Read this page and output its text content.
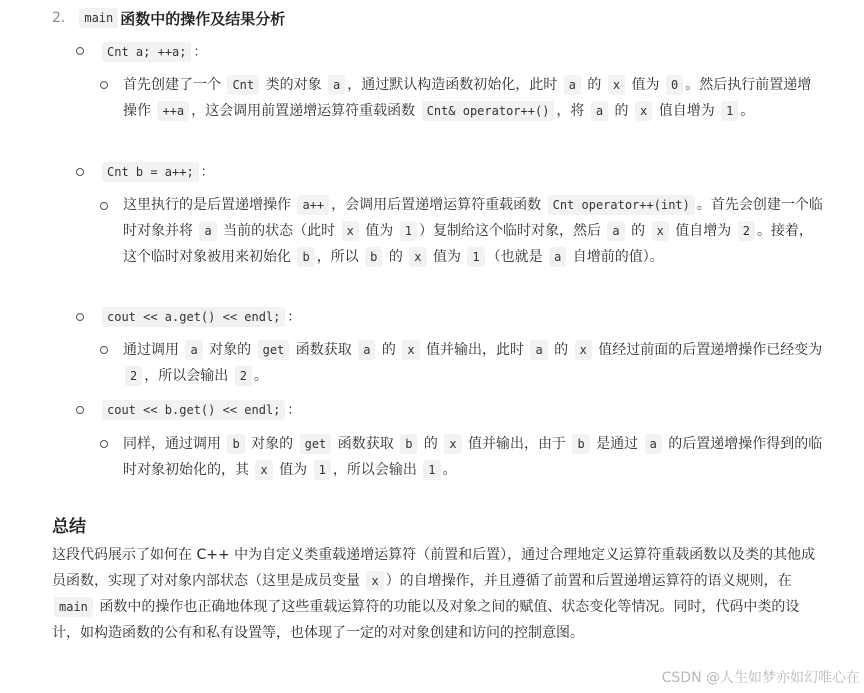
2.	main 函数中的操作及结果分析
Cnt a; ++a; ：
首先创建了一个 Cnt 类的对象 a ，通过默认构造函数初始化，此时 a 的 x 值为 0 。然后执行前置递增操作 ++a ，这会调用前置递增运算符重载函数 Cnt& operator++() ，将 a 的 x 值自增为 1 。
Cnt b = a++; ：
这里执行的是后置递增操作 a++ ，会调用后置递增运算符重载函数 Cnt operator++(int) 。首先会创建一个临时对象并将 a 当前的状态（此时 x 值为 1 ）复制给这个临时对象，然后 a 的 x 值自增为 2 。接着，这个临时对象被用来初始化 b ，所以 b 的 x 值为 1 （也就是 a 自增前的值）。
cout << a.get() << endl; ：
通过调用 a 对象的 get 函数获取 a 的 x 值并输出，此时 a 的 x 值经过前面的后置递增操作已经变为 2 ，所以会输出 2 。
cout << b.get() << endl; ：
同样，通过调用 b 对象的 get 函数获取 b 的 x 值并输出，由于 b 是通过 a 的后置递增操作得到的临时对象初始化的，其 x 值为 1 ，所以会输出 1 。
总结
这段代码展示了如何在 C++ 中为自定义类重载递增运算符（前置和后置），通过合理地定义运算符重载函数以及类的其他成员函数，实现了对对象内部状态（这里是成员变量 x ）的自增操作，并且遵循了前置和后置递增运算符的语义规则，在 main 函数中的操作也正确地体现了这些重载运算符的功能以及对象之间的赋值、状态变化等情况。同时，代码中类的设计，如构造函数的公有和私有设置等，也体现了一定的对对象创建和访问的控制意图。
CSDN @人生如梦亦如幻唯心在
